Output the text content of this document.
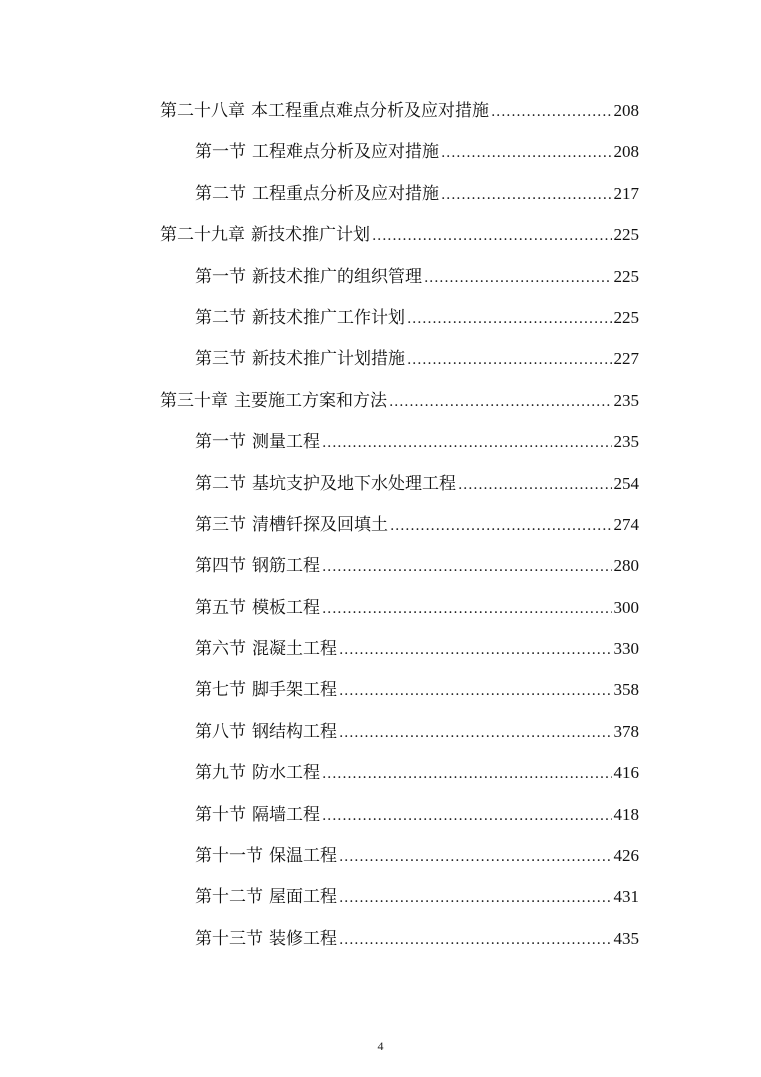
第二十八章 本工程重点难点分析及应对措施 .....	208
第一节 工程难点分析及应对措施 .....	208
第二节 工程重点分析及应对措施 .....	217
第二十九章 新技术推广计划 .....	225
第一节 新技术推广的组织管理 .....	225
第二节 新技术推广工作计划 .....	225
第三节 新技术推广计划措施 .....	227
第三十章 主要施工方案和方法 .....	235
第一节 测量工程 .....	235
第二节 基坑支护及地下水处理工程 .....	254
第三节 清槽钎探及回填土 .....	274
第四节 钢筋工程 .....	280
第五节 模板工程 .....	300
第六节 混凝土工程 .....	330
第七节 脚手架工程 .....	358
第八节 钢结构工程 .....	378
第九节 防水工程 .....	416
第十节 隔墙工程 .....	418
第十一节 保温工程 .....	426
第十二节 屋面工程 .....	431
第十三节 装修工程 .....	435
4
